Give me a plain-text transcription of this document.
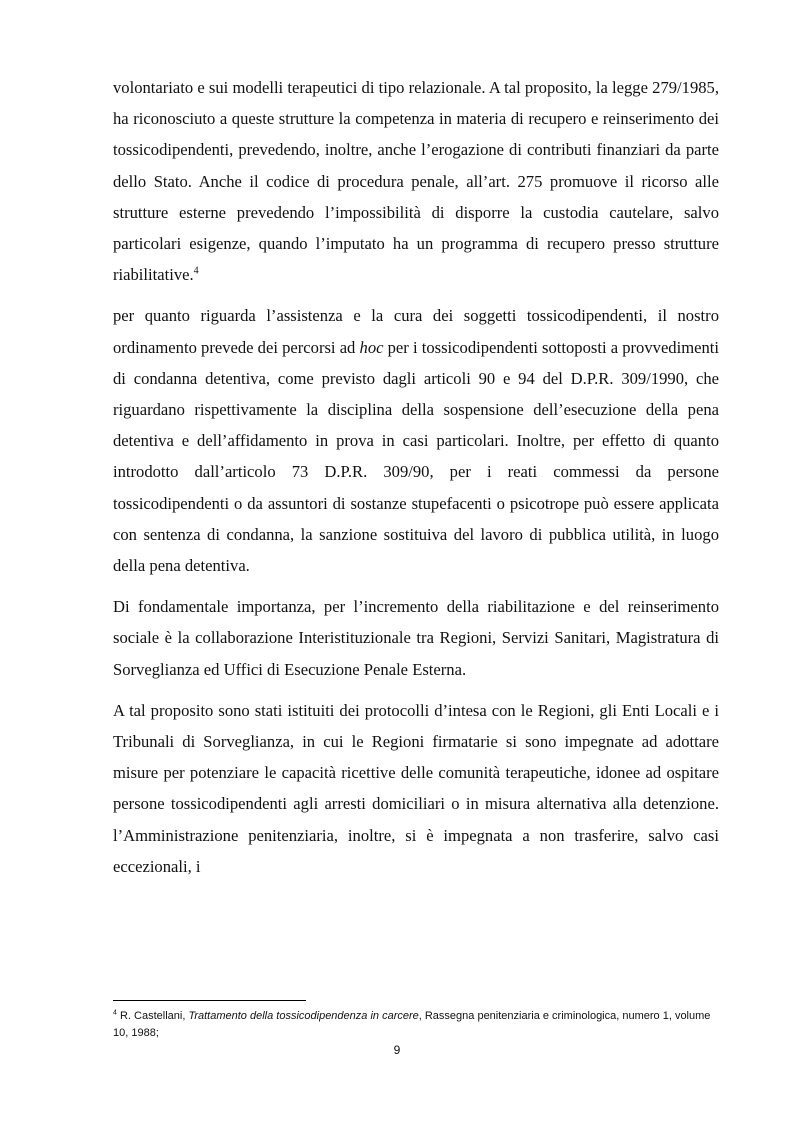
volontariato e sui modelli terapeutici di tipo relazionale. A tal proposito, la legge 279/1985, ha riconosciuto a queste strutture la competenza in materia di recupero e reinserimento dei tossicodipendenti, prevedendo, inoltre, anche l’erogazione di contributi finanziari da parte dello Stato. Anche il codice di procedura penale, all’art. 275 promuove il ricorso alle strutture esterne prevedendo l’impossibilità di disporre la custodia cautelare, salvo particolari esigenze, quando l’imputato ha un programma di recupero presso strutture riabilitative.$^4$

per quanto riguarda l’assistenza e la cura dei soggetti tossicodipendenti, il nostro ordinamento prevede dei percorsi ad hoc per i tossicodipendenti sottoposti a provvedimenti di condanna detentiva, come previsto dagli articoli 90 e 94 del D.P.R. 309/1990, che riguardano rispettivamente la disciplina della sospensione dell’esecuzione della pena detentiva e dell’affidamento in prova in casi particolari. Inoltre, per effetto di quanto introdotto dall’articolo 73 D.P.R. 309/90, per i reati commessi da persone tossicodipendenti o da assuntori di sostanze stupefacenti o psicotrope può essere applicata con sentenza di condanna, la sanzione sostituiva del lavoro di pubblica utilità, in luogo della pena detentiva.

Di fondamentale importanza, per l’incremento della riabilitazione e del reinserimento sociale è la collaborazione Interistituzionale tra Regioni, Servizi Sanitari, Magistratura di Sorveglianza ed Uffici di Esecuzione Penale Esterna.

A tal proposito sono stati istituiti dei protocolli d’intesa con le Regioni, gli Enti Locali e i Tribunali di Sorveglianza, in cui le Regioni firmatarie si sono impegnate ad adottare misure per potenziare le capacità ricettive delle comunità terapeutiche, idonee ad ospitare persone tossicodipendenti agli arresti domiciliari o in misura alternativa alla detenzione. l’Amministrazione penitenziaria, inoltre, si è impegnata a non trasferire, salvo casi eccezionali, i

$^4$ R. Castellani, Trattamento della tossicodipendenza in carcere, Rassegna penitenziaria e criminologica, numero 1, volume 10, 1988;
9
